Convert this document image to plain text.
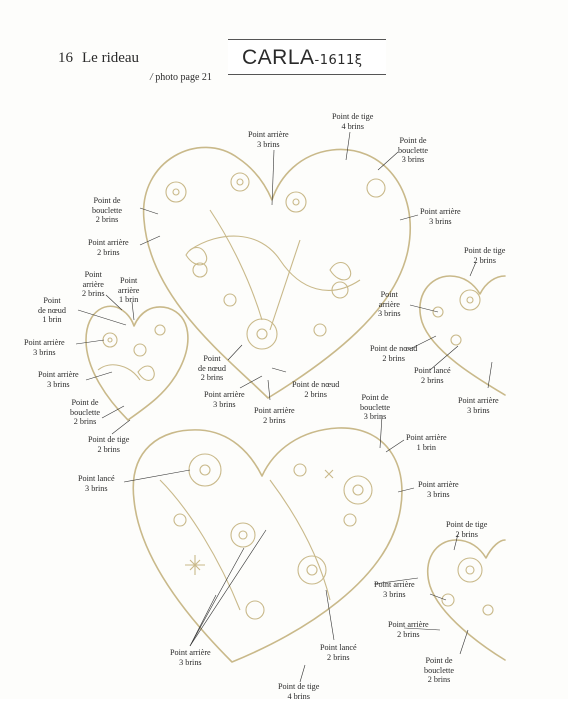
16 Le rideau
/ photo page 21
CARLA-1611ξ
Point de tige
4 brins
Point arrière
3 brins	Point de
bouclette
3 brins
Point de
bouclette
2 brins
Point arrière
3 brins
Point arrière
2 brins	Point de tige
2 brins
Point
arrière
2 brins
Point
arrière
1 brin
Point
de nœud
1 brin
Point
arrière
3 brins
Point arrière
3 brins
Point
de nœud
2 brins
Point de nœud
2 brins
Point de nœud
2 brins
Point arrière
3 brins
Point arrière
3 brins
Point lancé
2 brins
Point arrière
2 brins
Point arrière
3 brins
Point de
bouclette
2 brins
Point de
bouclette
3 brins
Point de tige
2 brins
Point arrière
1 brin
Point lancé
3 brins	Point arrière
3 brins
Point de tige
2 brins
Point arrière
3 brins
Point arrière
2 brins
Point arrière
3 brins
Point lancé
2 brins	Point de
bouclette
2 brins
Point de tige
4 brins
